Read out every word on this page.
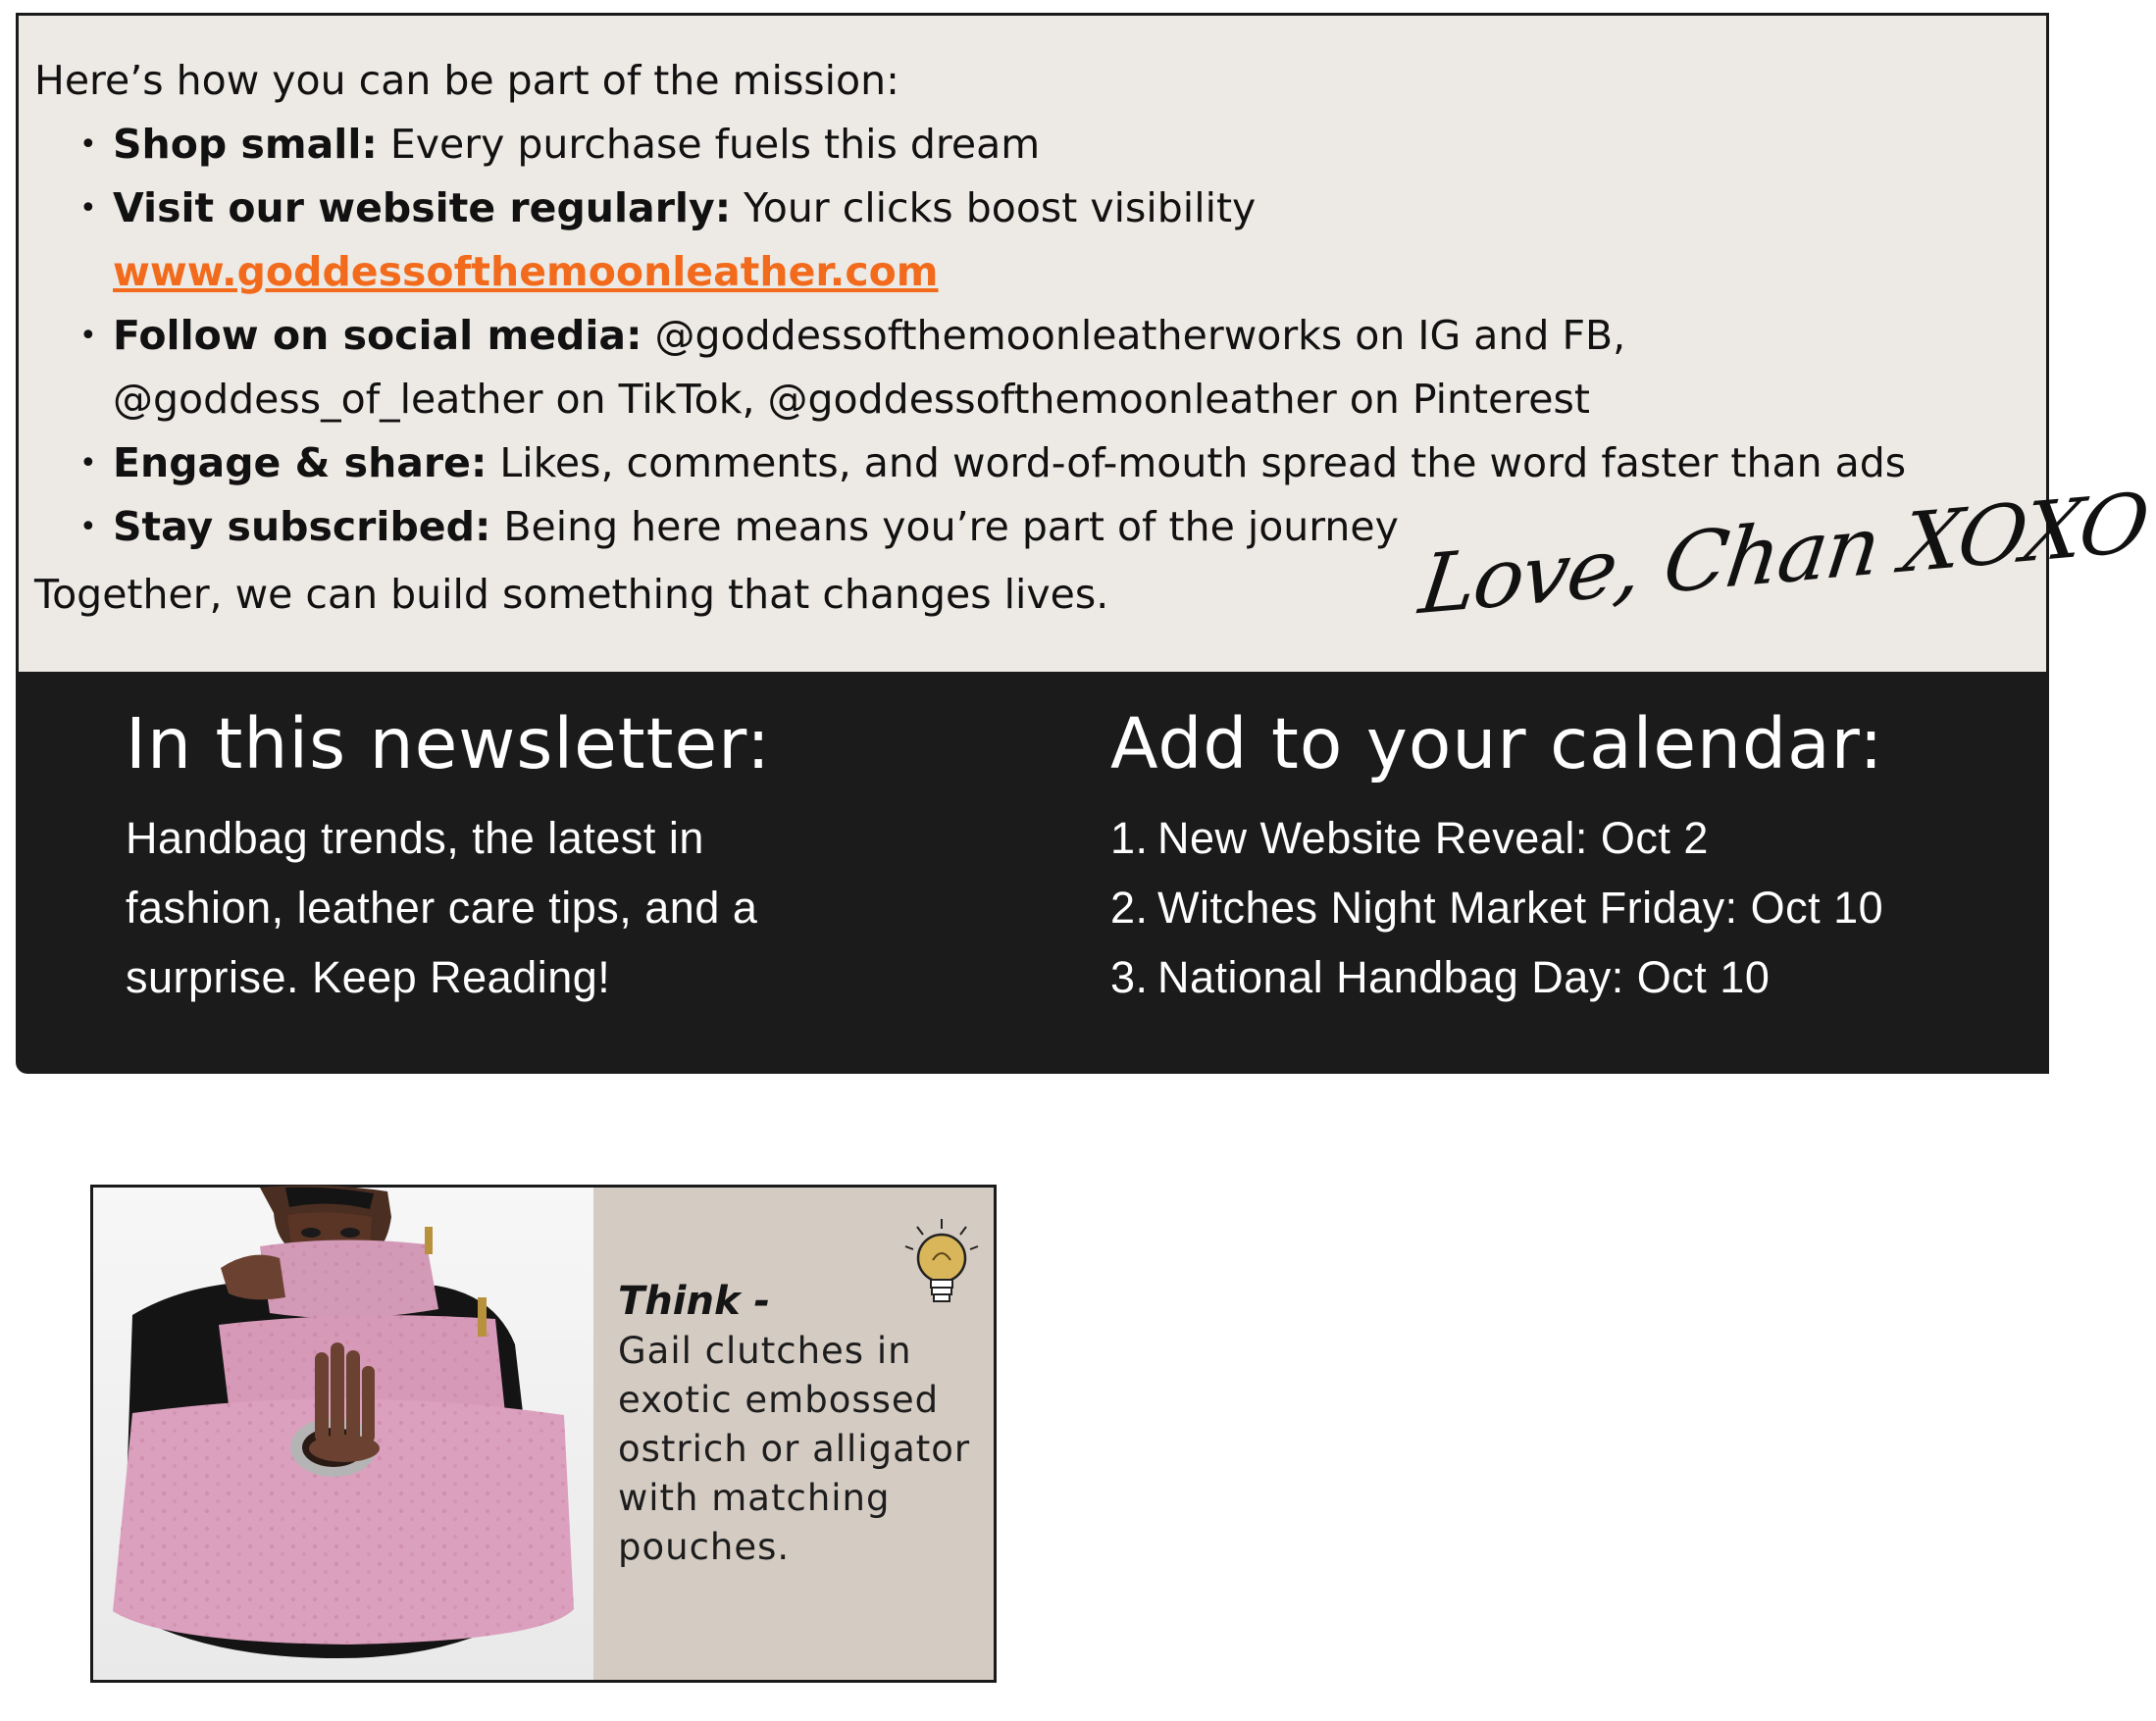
Here’s how you can be part of the mission:

• Shop small: Every purchase fuels this dream
• Visit our website regularly: Your clicks boost visibility www.goddessofthemoonleather.com
• Follow on social media: @goddessofthemoonleatherworks on IG and FB, @goddess_of_leather on TikTok, @goddessofthemoonleather on Pinterest
• Engage & share: Likes, comments, and word-of-mouth spread the word faster than ads
• Stay subscribed: Being here means you’re part of the journey

Together, we can build something that changes lives.	Love, Chan XOXO
In this newsletter:

Handbag trends, the latest in fashion, leather care tips, and a surprise. Keep Reading!

Add to your calendar:
1. New Website Reveal: Oct 2
2. Witches Night Market Friday: Oct 10
3. National Handbag Day: Oct 10

Think -

Gail clutches in exotic embossed ostrich or alligator with matching pouches.
